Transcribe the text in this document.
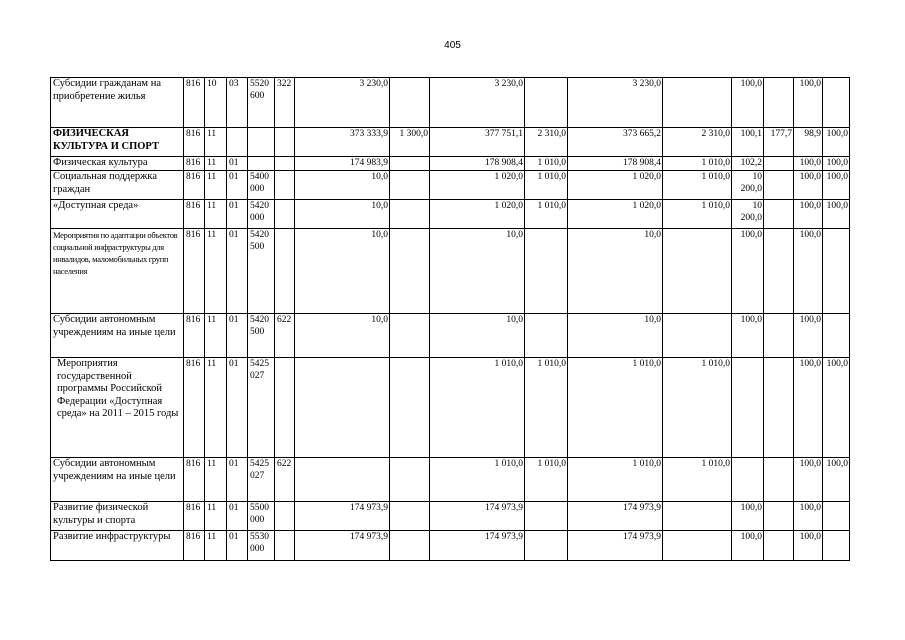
405
Субсидии гражданам на приобретение жилья	816	10	03	5520 600	322	3 230,0		3 230,0		3 230,0		100,0		100,0	
ФИЗИЧЕСКАЯ КУЛЬТУРА И СПОРТ	816	11				373 333,9	1 300,0	377 751,1	2 310,0	373 665,2	2 310,0	100,1	177,7	98,9	100,0
Физическая культура	816	11	01			174 983,9		178 908,4	1 010,0	178 908,4	1 010,0	102,2		100,0	100,0
Социальная поддержка граждан	816	11	01	5400 000		10,0		1 020,0	1 010,0	1 020,0	1 010,0	10 200,0		100,0	100,0
«Доступная среда»	816	11	01	5420 000		10,0		1 020,0	1 010,0	1 020,0	1 010,0	10 200,0		100,0	100,0
Мероприятия по адаптации объектов социальной инфраструктуры для инвалидов, маломобильных групп населения	816	11	01	5420 500		10,0		10,0		10,0		100,0		100,0	
Субсидии автономным учреждениям на иные цели	816	11	01	5420 500	622	10,0		10,0		10,0		100,0		100,0	
Мероприятия государственной программы Российской Федерации «Доступная среда» на 2011 – 2015 годы	816	11	01	5425 027				1 010,0	1 010,0	1 010,0	1 010,0			100,0	100,0
Субсидии автономным учреждениям на иные цели	816	11	01	5425 027	622			1 010,0	1 010,0	1 010,0	1 010,0			100,0	100,0
Развитие физической культуры и спорта	816	11	01	5500 000		174 973,9		174 973,9		174 973,9		100,0		100,0	
Развитие инфраструктуры	816	11	01	5530 000		174 973,9		174 973,9		174 973,9		100,0		100,0	
